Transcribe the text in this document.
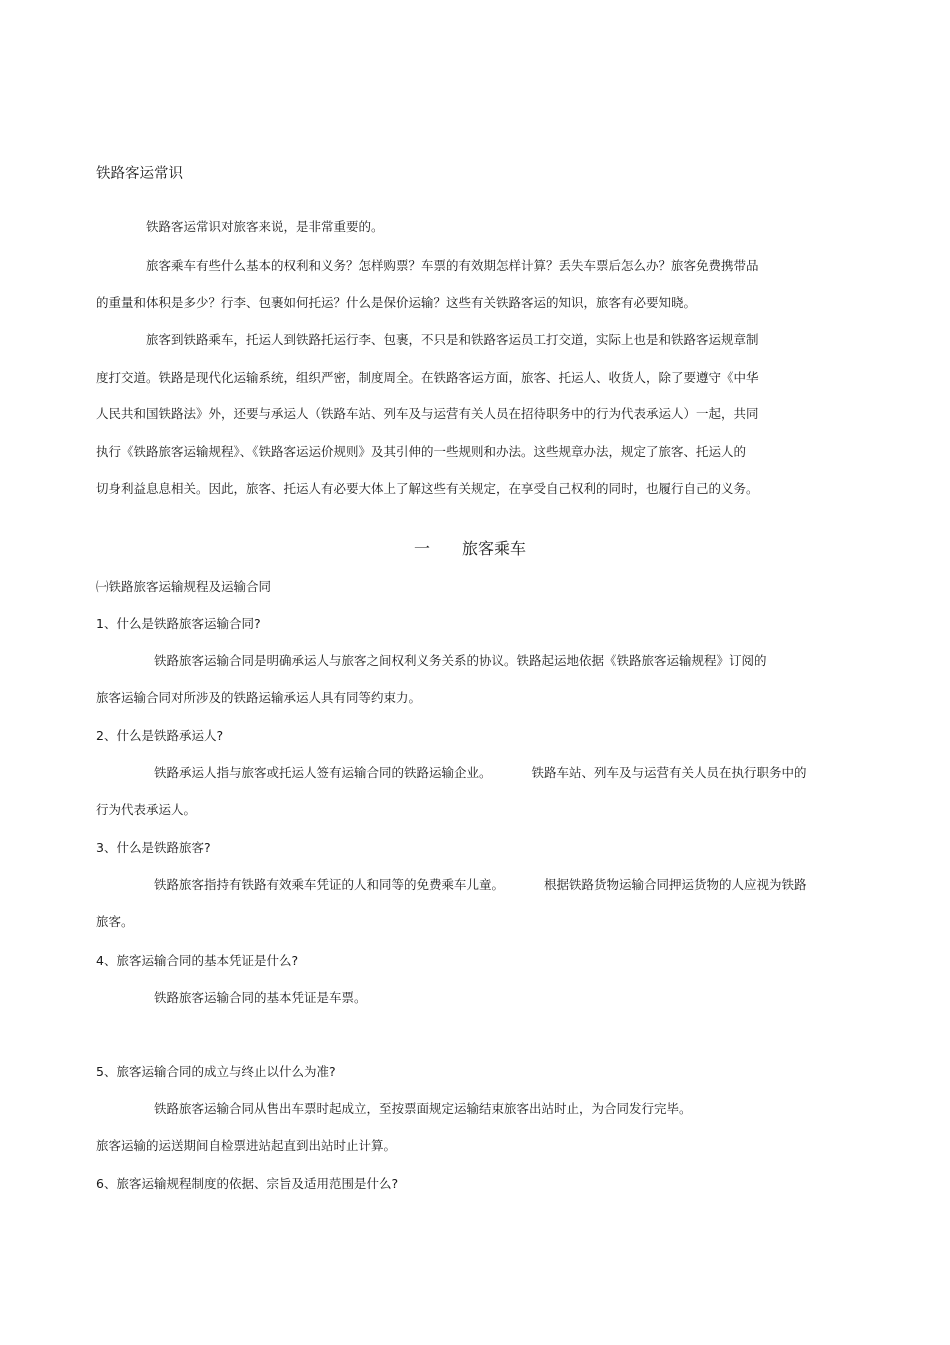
铁路客运常识
铁路客运常识对旅客来说，是非常重要的。
旅客乘车有些什么基本的权利和义务？怎样购票？车票的有效期怎样计算？丢失车票后怎么办？旅客免费携带品
的重量和体积是多少？行李、包裹如何托运？什么是保价运输？这些有关铁路客运的知识，旅客有必要知晓。
旅客到铁路乘车，托运人到铁路托运行李、包裹，不只是和铁路客运员工打交道，实际上也是和铁路客运规章制
度打交道。铁路是现代化运输系统，组织严密，制度周全。在铁路客运方面，旅客、托运人、收货人，除了要遵守《中华
人民共和国铁路法》外，还要与承运人（铁路车站、列车及与运营有关人员在招待职务中的行为代表承运人）一起，共同
执行《铁路旅客运输规程》、《铁路客运运价规则》及其引伸的一些规则和办法。这些规章办法，规定了旅客、托运人的
切身利益息息相关。因此，旅客、托运人有必要大体上了解这些有关规定，在享受自己权利的同时，也履行自己的义务。
一 旅客乘车
㈠铁路旅客运输规程及运输合同
1、什么是铁路旅客运输合同?
铁路旅客运输合同是明确承运人与旅客之间权利义务关系的协议。铁路起运地依据《铁路旅客运输规程》订阅的
旅客运输合同对所涉及的铁路运输承运人具有同等约束力。
2、什么是铁路承运人?
铁路承运人指与旅客或托运人签有运输合同的铁路运输企业。	铁路车站、列车及与运营有关人员在执行职务中的
行为代表承运人。
3、什么是铁路旅客?
铁路旅客指持有铁路有效乘车凭证的人和同等的免费乘车儿童。	根据铁路货物运输合同押运货物的人应视为铁路
旅客。
4、旅客运输合同的基本凭证是什么?
铁路旅客运输合同的基本凭证是车票。
5、旅客运输合同的成立与终止以什么为准?
铁路旅客运输合同从售出车票时起成立，至按票面规定运输结束旅客出站时止，为合同发行完毕。
旅客运输的运送期间自检票进站起直到出站时止计算。
6、旅客运输规程制度的依据、宗旨及适用范围是什么?
